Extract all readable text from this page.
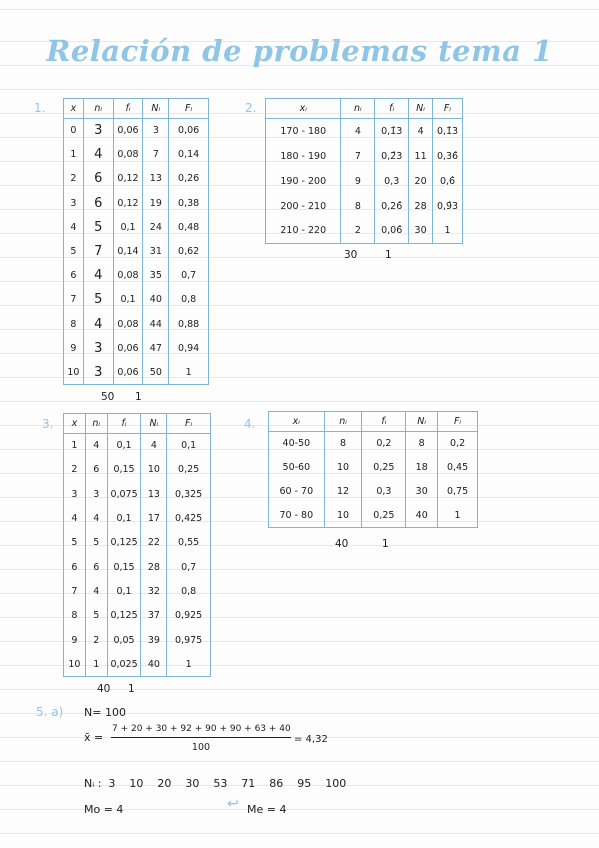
Relación de problemas tema 1
1.	x	nᵢ	fᵢ	Nᵢ	Fᵢ
0	3	0,06	3	0,06
1	4	0,08	7	0,14
2	6	0,12	13	0,26
3	6	0,12	19	0,38
4	5	0,1	24	0,48
5	7	0,14	31	0,62
6	4	0,08	35	0,7
7	5	0,1	40	0,8
8	4	0,08	44	0,88
9	3	0,06	47	0,94
10	3	0,06	50	1
50 1
2.	xᵢ	nᵢ	fᵢ	Nᵢ	Fᵢ
170 - 180	4	0,1̂3	4	0,1̂3
180 - 190	7	0,2̂3	11	0,36̂
190 - 200	9	0,3	20	0,6̂
200 - 210	8	0,26̂	28	0,9̂3
210 - 220	2	0,06̂	30	1
30	1
3. x	nᵢ	fᵢ	Nᵢ	Fᵢ
1	4	0,1	4	0,1
2	6	0,15	10	0,25
3	3	0,075	13	0,325
4	4	0,1	17	0,425
5	5	0,125	22	0,55
6	6	0,15	28	0,7
7	4	0,1	32	0,8
8	5	0,125	37	0,925
9	2	0,05	39	0,975
10	1	0,025	40	1
40 1
4.	xᵢ	nᵢ	fᵢ	Nᵢ	Fᵢ
40-50	8	0,2	8	0,2
50-60	10	0,25	18	0,45
60 - 70	12	0,3	30	0,75
70 - 80	10	0,25	40	1
40	1
5. a) N= 100
x̄ =
7 + 20 + 30 + 92 + 90 + 90 + 63 + 40
100
= 4,32
Nᵢ :  3    10    20    30    53    71    86    95    100
Mo = 4	↩ Me = 4
